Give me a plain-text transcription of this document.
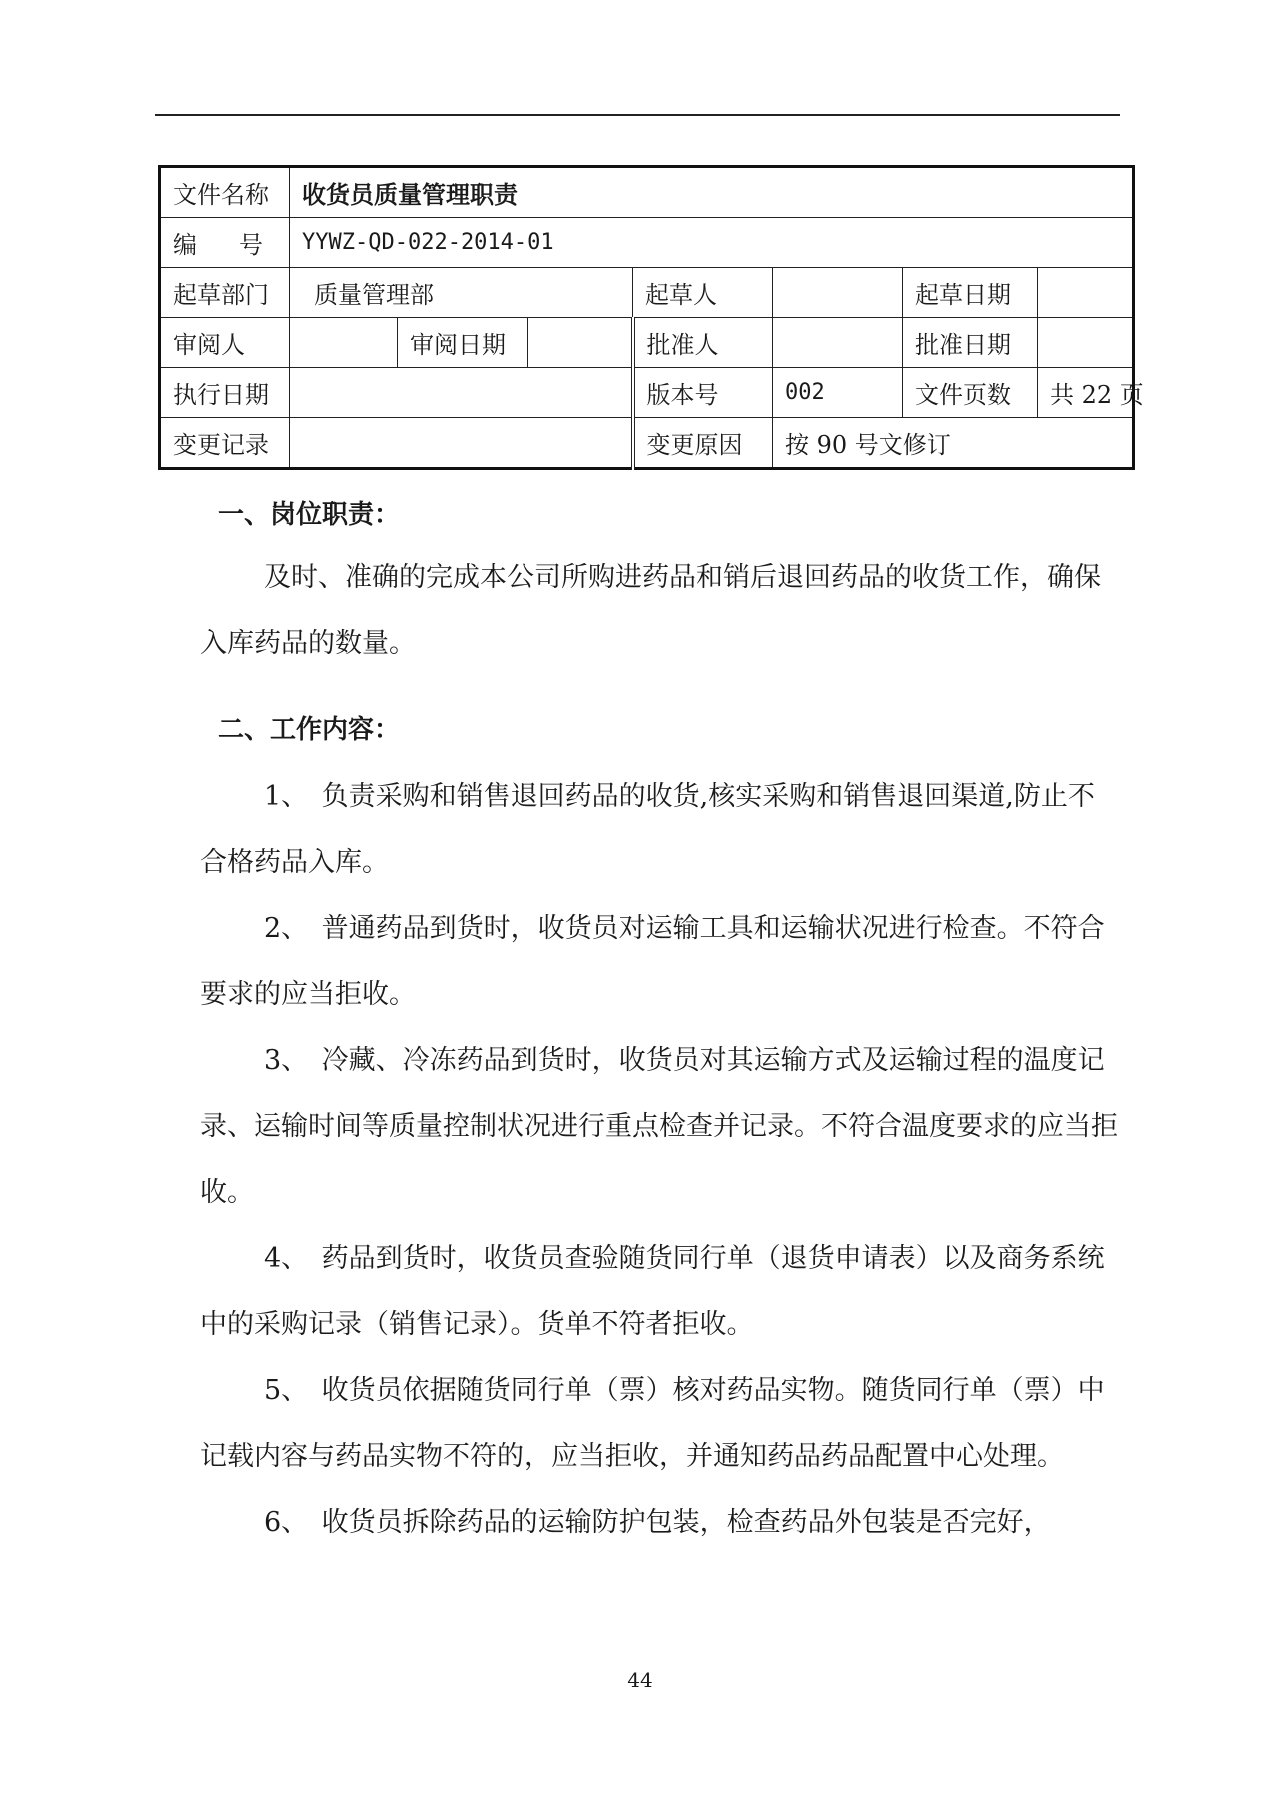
文件名称	收货员质量管理职责						
编号	YYWZ-QD-022-2014-01						
起草部门	质量管理部			起草人		起草日期	
审阅人		审阅日期		批准人		批准日期	
执行日期				版本号	002	文件页数	共 22 页
变更记录				变更原因	按 90 号文修订		

一、岗位职责：

及时、准确的完成本公司所购进药品和销后退回药品的收货工作，确保入库药品的数量。

二、工作内容：

1、　负责采购和销售退回药品的收货,核实采购和销售退回渠道,防止不合格药品入库。

2、　普通药品到货时，收货员对运输工具和运输状况进行检查。不符合要求的应当拒收。

3、　冷藏、冷冻药品到货时，收货员对其运输方式及运输过程的温度记录、运输时间等质量控制状况进行重点检查并记录。不符合温度要求的应当拒收。

4、　药品到货时，收货员查验随货同行单（退货申请表）以及商务系统中的采购记录（销售记录）。货单不符者拒收。

5、　收货员依据随货同行单（票）核对药品实物。随货同行单（票）中记载内容与药品实物不符的，应当拒收，并通知药品药品配置中心处理。

6、　收货员拆除药品的运输防护包装，检查药品外包装是否完好，

44
